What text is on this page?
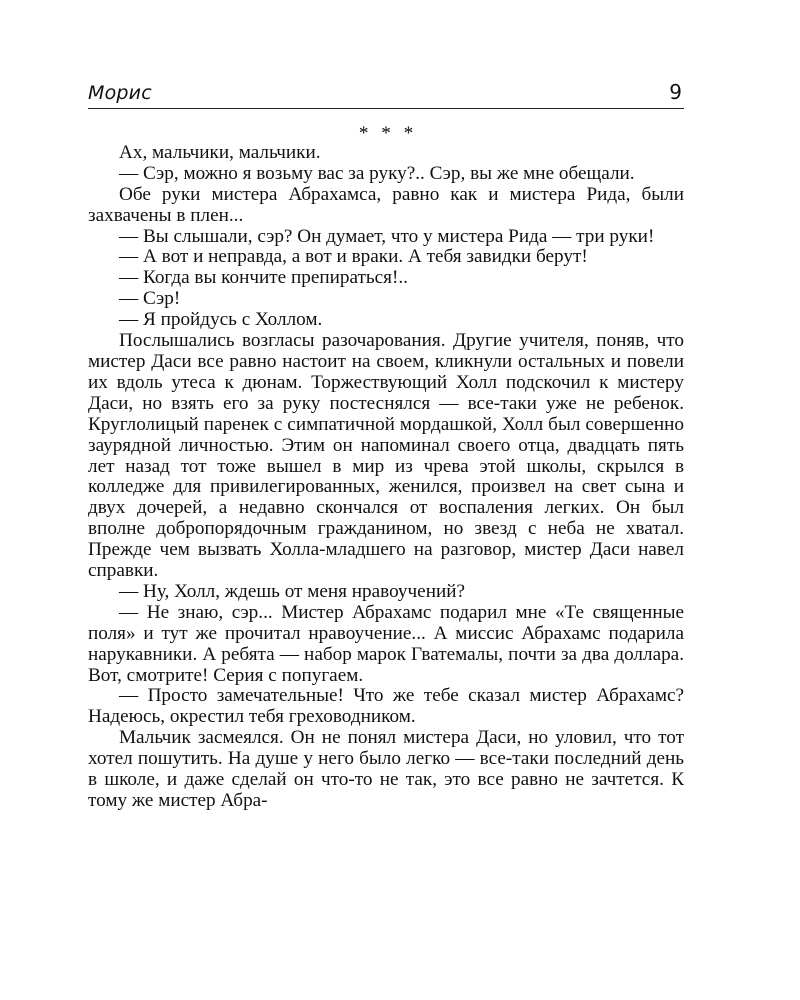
Морис	9
* * *

Ах, мальчики, мальчики.

— Сэр, можно я возьму вас за руку?.. Сэр, вы же мне обещали.

Обе руки мистера Абрахамса, равно как и мистера Рида, были захвачены в плен...

— Вы слышали, сэр? Он думает, что у мистера Рида — три руки!

— А вот и неправда, а вот и враки. А тебя завидки берут!

— Когда вы кончите препираться!..

— Сэр!

— Я пройдусь с Холлом.

Послышались возгласы разочарования. Другие учителя, поняв, что мистер Даси все равно настоит на своем, кликнули остальных и повели их вдоль утеса к дюнам. Торжествующий Холл подскочил к мистеру Даси, но взять его за руку постеснялся — все-таки уже не ребенок. Круглолицый паренек с симпатичной мордашкой, Холл был совершенно заурядной личностью. Этим он напоминал своего отца, двадцать пять лет назад тот тоже вышел в мир из чрева этой школы, скрылся в колледже для привилегированных, женился, произвел на свет сына и двух дочерей, а недавно скончался от воспаления легких. Он был вполне добропорядочным гражданином, но звезд с неба не хватал. Прежде чем вызвать Холла-младшего на разговор, мистер Даси навел справки.

— Ну, Холл, ждешь от меня нравоучений?

— Не знаю, сэр... Мистер Абрахамс подарил мне «Те священные поля» и тут же прочитал нравоучение... А миссис Абрахамс подарила нарукавники. А ребята — набор марок Гватемалы, почти за два доллара. Вот, смотрите! Серия с попугаем.

— Просто замечательные! Что же тебе сказал мистер Абрахамс? Надеюсь, окрестил тебя греховодником.

Мальчик засмеялся. Он не понял мистера Даси, но уловил, что тот хотел пошутить. На душе у него было легко — все-таки последний день в школе, и даже сделай он что-то не так, это все равно не зачтется. К тому же мистер Абра-
